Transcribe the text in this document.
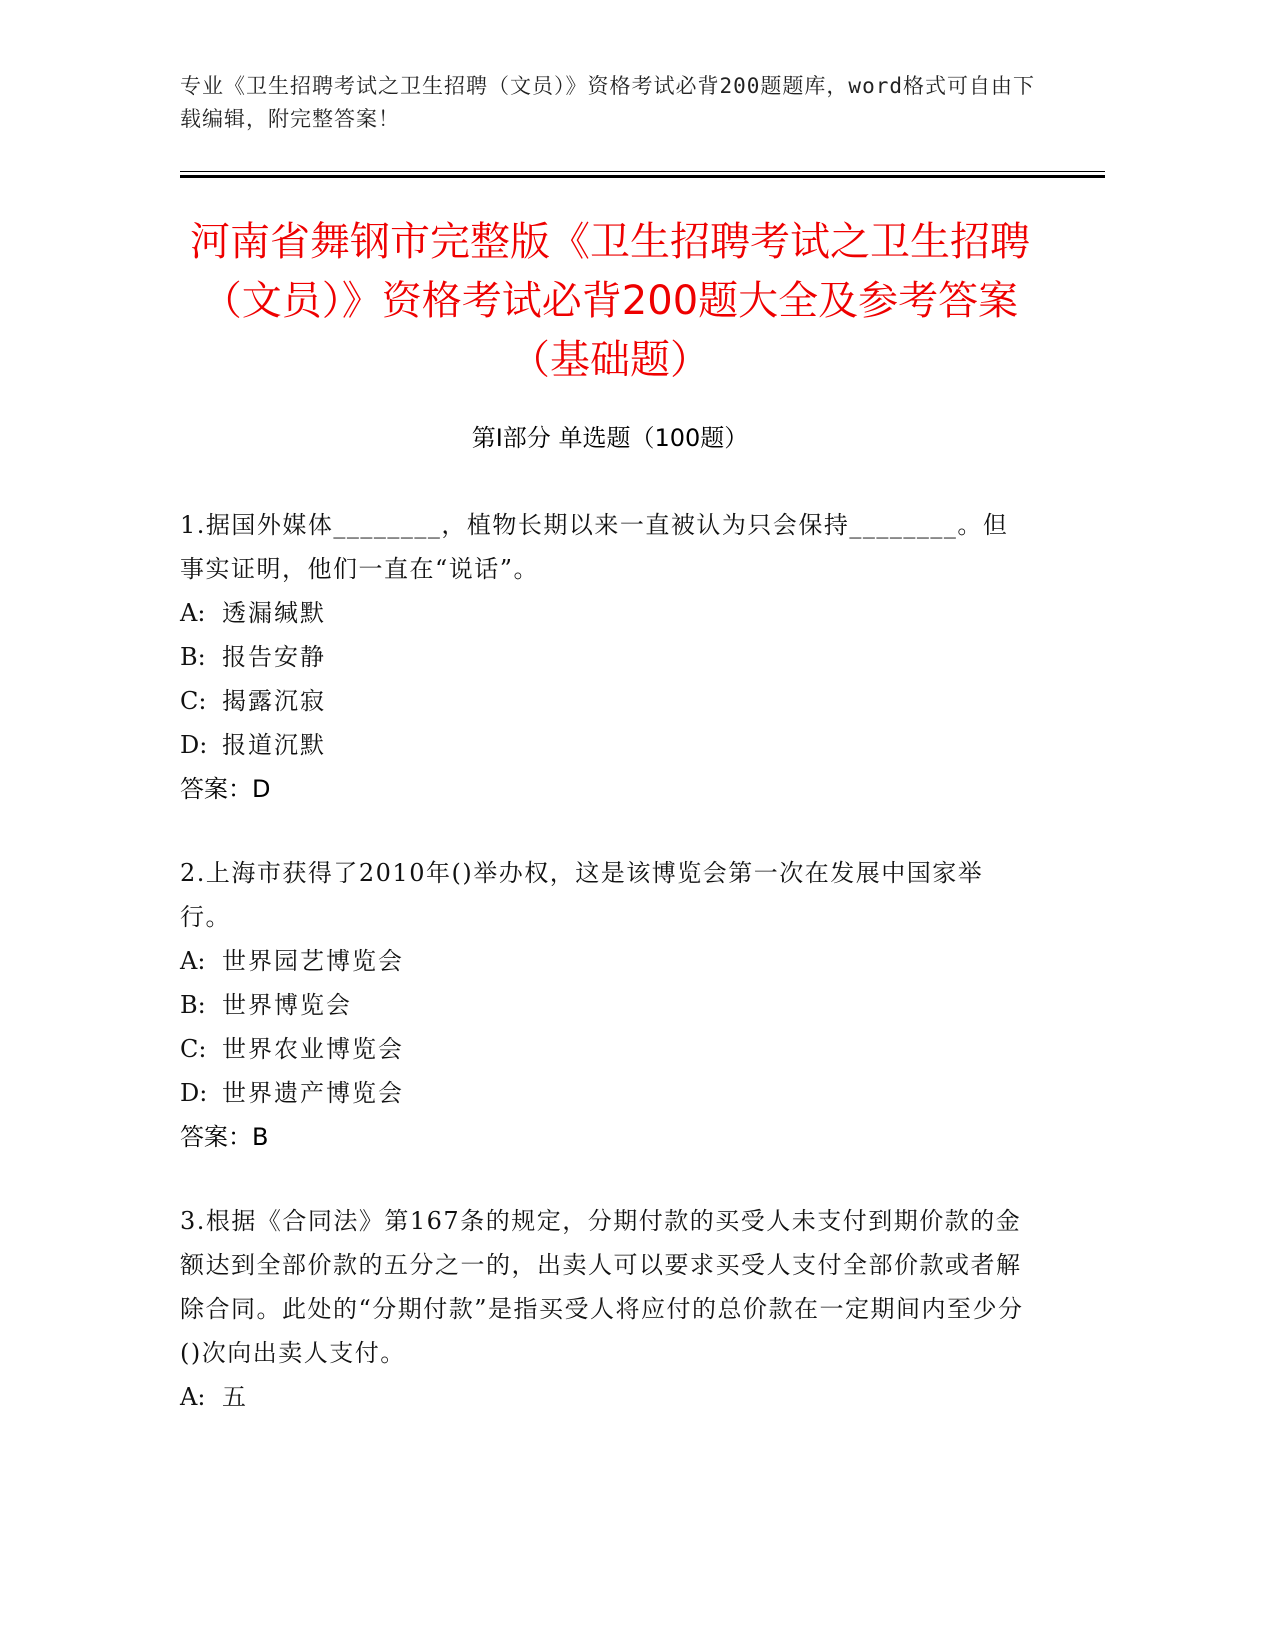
专业《卫生招聘考试之卫生招聘（文员）》资格考试必背200题题库，word格式可自由下载编辑，附完整答案！
河南省舞钢市完整版《卫生招聘考试之卫生招聘（文员）》资格考试必背200题大全及参考答案（基础题）
第Ⅰ部分 单选题（100题）
1.据国外媒体________，植物长期以来一直被认为只会保持________。但事实证明，他们一直在“说话”。
A: 透漏缄默
B: 报告安静
C: 揭露沉寂
D: 报道沉默
答案：D
2.上海市获得了2010年()举办权，这是该博览会第一次在发展中国家举行。
A: 世界园艺博览会
B: 世界博览会
C: 世界农业博览会
D: 世界遗产博览会
答案：B
3.根据《合同法》第167条的规定，分期付款的买受人未支付到期价款的金额达到全部价款的五分之一的，出卖人可以要求买受人支付全部价款或者解除合同。此处的“分期付款”是指买受人将应付的总价款在一定期间内至少分()次向出卖人支付。
A: 五
